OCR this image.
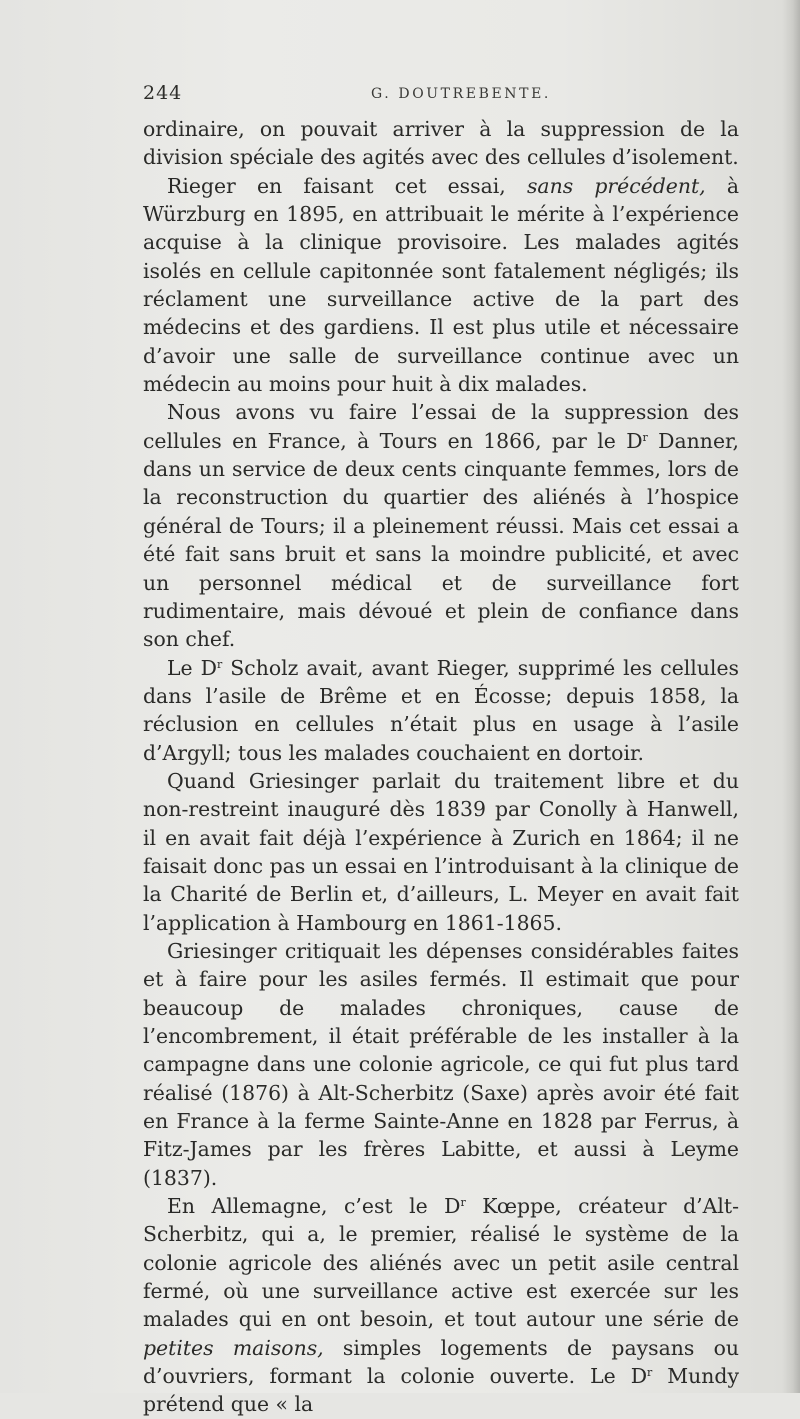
244	G. DOUTREBENTE.

ordinaire, on pouvait arriver à la suppression de la division spéciale des agités avec des cellules d’isolement.

Rieger en faisant cet essai, sans précédent, à Würzburg en 1895, en attribuait le mérite à l’expérience acquise à la clinique provisoire. Les malades agités isolés en cellule capitonnée sont fatalement négligés; ils réclament une surveillance active de la part des médecins et des gardiens. Il est plus utile et nécessaire d’avoir une salle de surveillance continue avec un médecin au moins pour huit à dix malades.

Nous avons vu faire l’essai de la suppression des cellules en France, à Tours en 1866, par le $D^r$ Danner, dans un service de deux cents cinquante femmes, lors de la reconstruction du quartier des aliénés à l’hospice général de Tours; il a pleinement réussi. Mais cet essai a été fait sans bruit et sans la moindre publicité, et avec un personnel médical et de surveillance fort rudimentaire, mais dévoué et plein de confiance dans son chef.

Le $D^r$ Scholz avait, avant Rieger, supprimé les cellules dans l’asile de Brême et en Écosse; depuis 1858, la réclusion en cellules n’était plus en usage à l’asile d’Argyll; tous les malades couchaient en dortoir.

Quand Griesinger parlait du traitement libre et du non-restreint inauguré dès 1839 par Conolly à Hanwell, il en avait fait déjà l’expérience à Zurich en 1864; il ne faisait donc pas un essai en l’introduisant à la clinique de la Charité de Berlin et, d’ailleurs, L. Meyer en avait fait l’application à Hambourg en 1861-1865.

Griesinger critiquait les dépenses considérables faites et à faire pour les asiles fermés. Il estimait que pour beaucoup de malades chroniques, cause de l’encombrement, il était préférable de les installer à la campagne dans une colonie agricole, ce qui fut plus tard réalisé (1876) à Alt-Scherbitz (Saxe) après avoir été fait en France à la ferme Sainte-Anne en 1828 par Ferrus, à Fitz-James par les frères Labitte, et aussi à Leyme (1837).

En Allemagne, c’est le $D^r$ Kœppe, créateur d’Alt-Scherbitz, qui a, le premier, réalisé le système de la colonie agricole des aliénés avec un petit asile central fermé, où une surveillance active est exercée sur les malades qui en ont besoin, et tout autour une série de petites maisons, simples logements de paysans ou d’ouvriers, formant la colonie ouverte. Le $D^r$ Mundy prétend que « la
